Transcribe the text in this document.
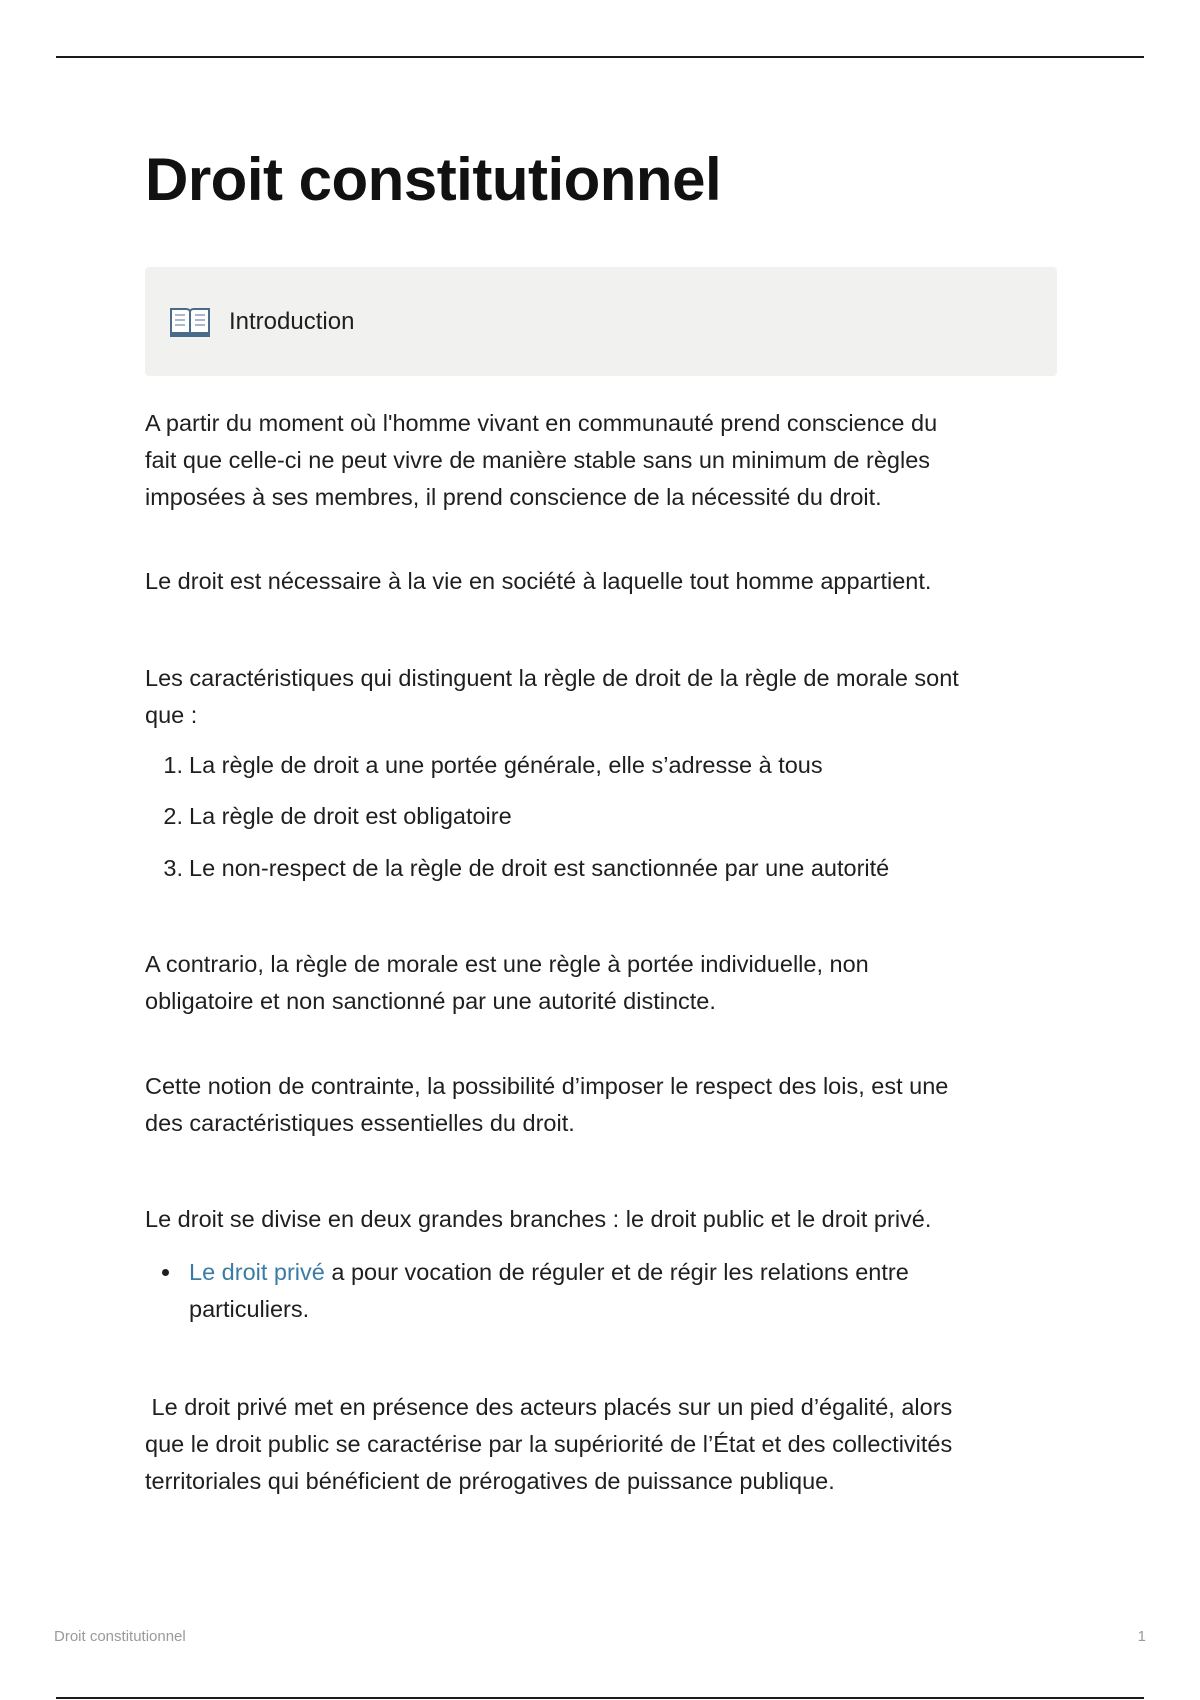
Droit constitutionnel
Introduction

A partir du moment où l'homme vivant en communauté prend conscience du
fait que celle-ci ne peut vivre de manière stable sans un minimum de règles
imposées à ses membres, il prend conscience de la nécessité du droit.

Le droit est nécessaire à la vie en société à laquelle tout homme appartient.

Les caractéristiques qui distinguent la règle de droit de la règle de morale sont
que :

1. La règle de droit a une portée générale, elle s’adresse à tous
2. La règle de droit est obligatoire
3. Le non-respect de la règle de droit est sanctionnée par une autorité

A contrario, la règle de morale est une règle à portée individuelle, non
obligatoire et non sanctionné par une autorité distincte.

Cette notion de contrainte, la possibilité d’imposer le respect des lois, est une
des caractéristiques essentielles du droit.

Le droit se divise en deux grandes branches : le droit public et le droit privé.

Le droit privé a pour vocation de réguler et de régir les relations entre
particuliers.

Le droit privé met en présence des acteurs placés sur un pied d’égalité, alors
que le droit public se caractérise par la supériorité de l’État et des collectivités
territoriales qui bénéficient de prérogatives de puissance publique.

Droit constitutionnel	1
